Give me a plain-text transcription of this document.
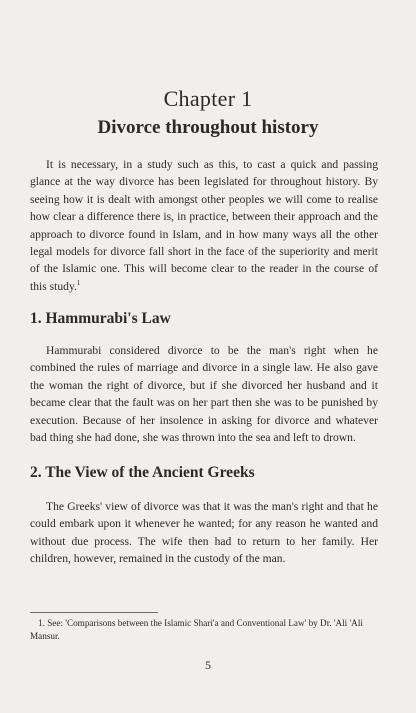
Chapter 1
Divorce throughout history

It is necessary, in a study such as this, to cast a quick and passing glance at the way divorce has been legislated for throughout history. By seeing how it is dealt with amongst other peoples we will come to realise how clear a difference there is, in practice, between their approach and the approach to divorce found in Islam, and in how many ways all the other legal models for divorce fall short in the face of the superiority and merit of the Islamic one. This will become clear to the reader in the course of this study.$^1$

1. Hammurabi's Law

Hammurabi considered divorce to be the man's right when he combined the rules of marriage and divorce in a single law. He also gave the woman the right of divorce, but if she divorced her husband and it became clear that the fault was on her part then she was to be punished by execution. Because of her insolence in asking for divorce and whatever bad thing she had done, she was thrown into the sea and left to drown.

2. The View of the Ancient Greeks

The Greeks' view of divorce was that it was the man's right and that he could embark upon it whenever he wanted; for any reason he wanted and without due process. The wife then had to return to her family. Her children, however, remained in the custody of the man.

1. See: 'Comparisons between the Islamic Shari'a and Conventional Law' by Dr. 'Ali 'Ali Mansur.

5
